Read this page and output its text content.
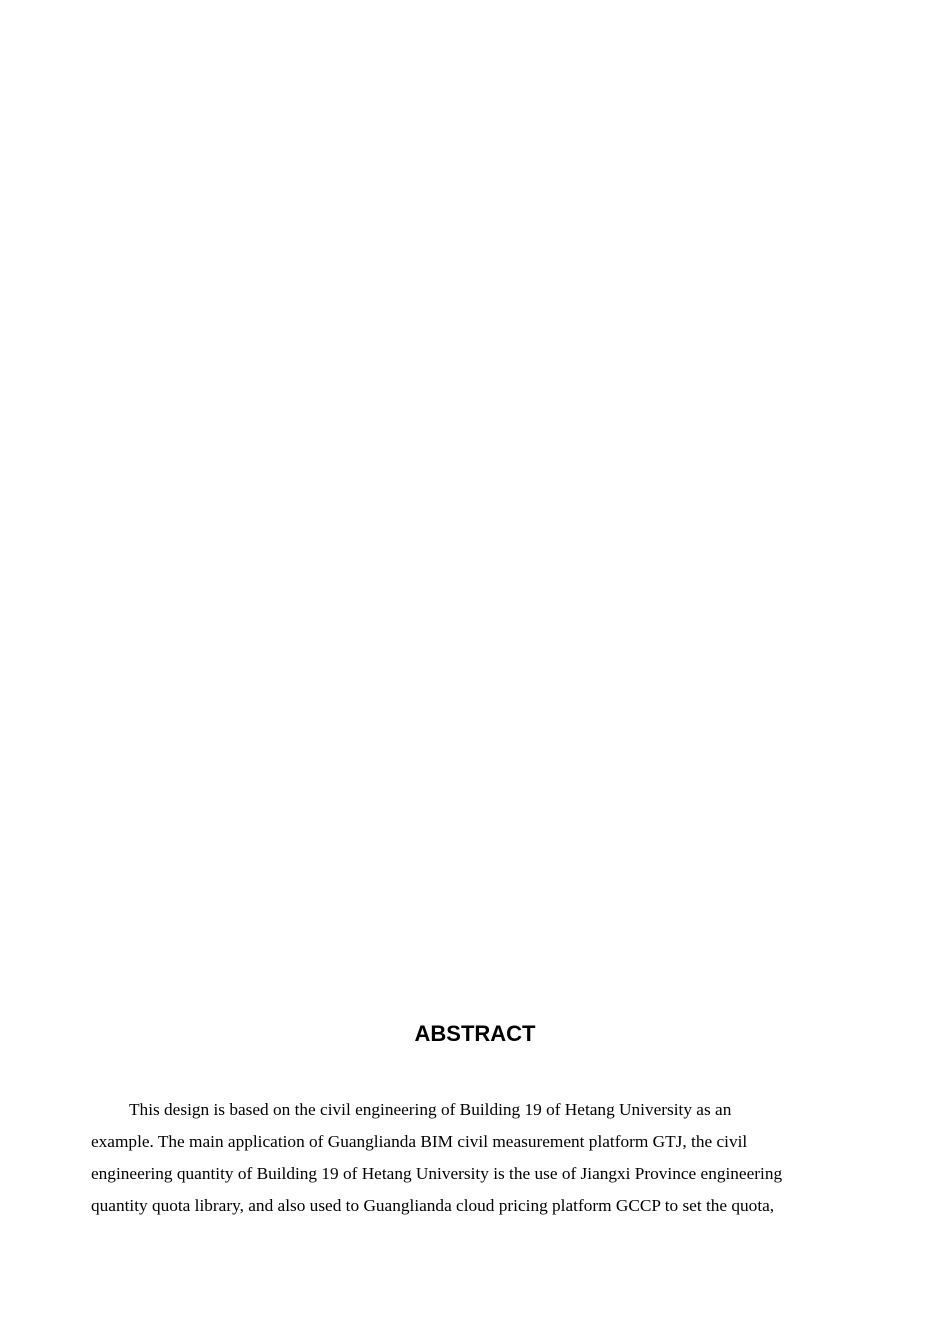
ABSTRACT
This design is based on the civil engineering of Building 19 of Hetang University as an
example. The main application of Guanglianda BIM civil measurement platform GTJ, the civil
engineering quantity of Building 19 of Hetang University is the use of Jiangxi Province engineering
quantity quota library, and also used to Guanglianda cloud pricing platform GCCP to set the quota,
